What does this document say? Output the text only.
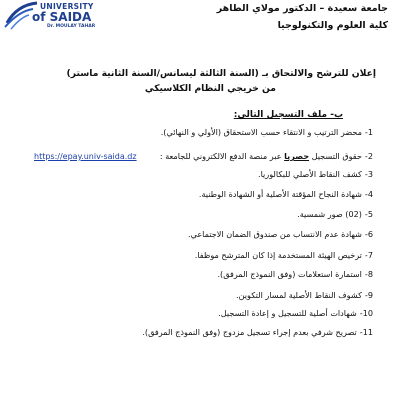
UNIVERSITY
of SAIDA
Dr. MOULAY TAHAR
جامعة سعيدة – الدكتور مولاي الطاهر
كلية العلوم والتكنولوجيا
إعلان للترشح والالتحاق بـ (السنة الثالثة ليسانس/السنة الثانية ماستر)
من خريجي النظام الكلاسيكي
ب- ملف التسجيل التالي:
1-محضر الترتيب و الانتقاء حسب الاستحقاق (الأولي و النهائي).
2-حقوق التسجيل حصريا عبر منصة الدفع الالكتروني للجامعة :
https://epay.univ-saida.dz
3-كشف النقاط الأصلي للبكالوريا.
4-شهادة النجاح المؤقتة الأصلية أو الشهادة الوطنية.
5-(02) صور شمسية.
6-شهادة عدم الانتساب من صندوق الضمان الاجتماعي.
7-ترخيص الهيئة المستخدمة إذا كان المترشح موظفا.
8-استمارة استعلامات (وفق النموذج المرفق).
9-كشوف النقاط الأصلية لمسار التكوين.
10-شهادات أصلية للتسجيل و إعادة التسجيل.
11-تصريح شرفي بعدم إجراء تسجيل مزدوج (وفق النموذج المرفق).
